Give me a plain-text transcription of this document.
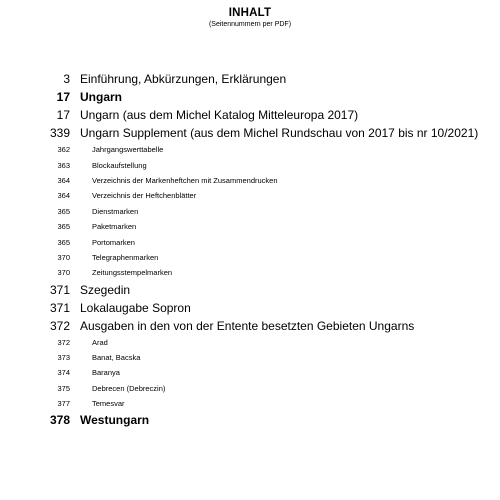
INHALT
(Seitennummern per PDF)
3 Einführung, Abkürzungen, Erklärungen
17 Ungarn
17 Ungarn (aus dem Michel Katalog Mitteleuropa 2017)
339 Ungarn Supplement (aus dem Michel Rundschau von 2017 bis nr 10/2021)
362	Jahrgangswerttabelle
363	Blockaufstellung
364	Verzeichnis der Markenheftchen mit Zusammendrucken
364	Verzeichnis der Heftchenblätter
365	Dienstmarken
365	Paketmarken
365	Portomarken
370	Telegraphenmarken
370	Zeitungsstempelmarken
371 Szegedin
371 Lokalaugabe Sopron
372 Ausgaben in den von der Entente besetzten Gebieten Ungarns
372	Arad
373	Banat, Bacska
374	Baranya
375	Debrecen (Debreczin)
377	Temesvar
378 Westungarn
